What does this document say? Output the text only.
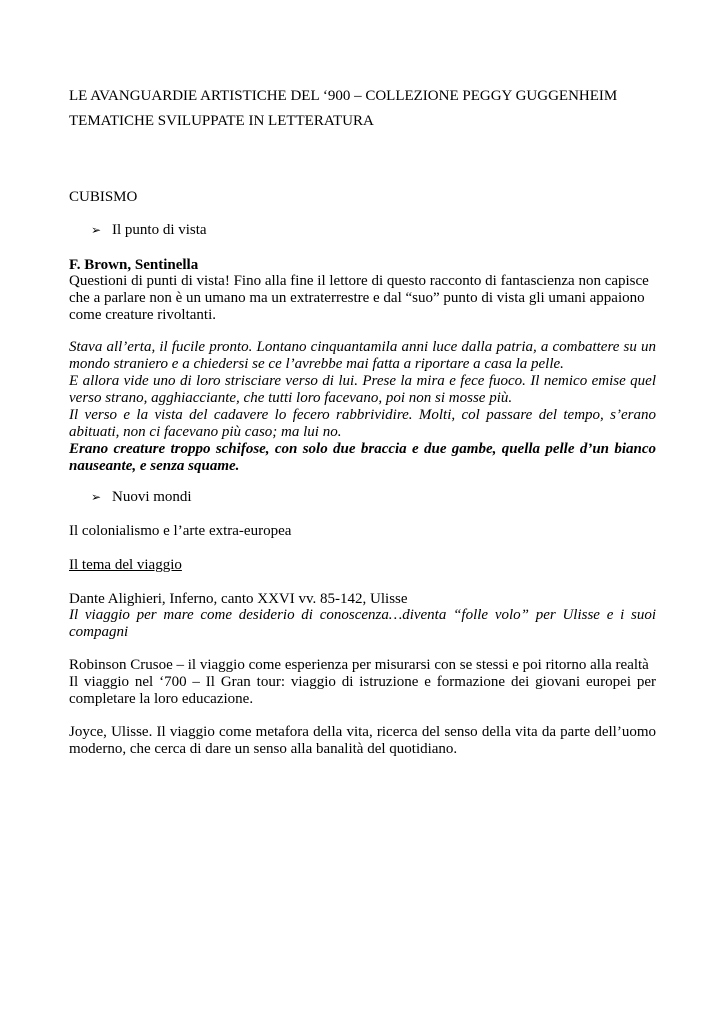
LE AVANGUARDIE ARTISTICHE DEL ‘900 – COLLEZIONE PEGGY GUGGENHEIM
TEMATICHE SVILUPPATE IN LETTERATURA
CUBISMO
➢ Il punto di vista
F. Brown, Sentinella
Questioni di punti di vista! Fino alla fine il lettore di questo racconto di fantascienza non capisce
che a parlare non è un umano ma un extraterrestre e dal “suo” punto di vista gli umani appaiono
come creature rivoltanti.
Stava all’erta, il fucile pronto. Lontano cinquantamila anni luce dalla patria, a combattere su un
mondo straniero e a chiedersi se ce l’avrebbe mai fatta a riportare a casa la pelle.
E allora vide uno di loro strisciare verso di lui. Prese la mira e fece fuoco. Il nemico emise quel
verso strano, agghiacciante, che tutti loro facevano, poi non si mosse più.
Il verso e la vista del cadavere lo fecero rabbrividire. Molti, col passare del tempo, s’erano
abituati, non ci facevano più caso; ma lui no.
Erano creature troppo schifose, con solo due braccia e due gambe, quella pelle d’un bianco
nauseante, e senza squame.
➢ Nuovi mondi
Il colonialismo e l’arte extra-europea
Il tema del viaggio
Dante Alighieri, Inferno, canto XXVI vv. 85-142, Ulisse
Il viaggio per mare come desiderio di conoscenza…diventa “folle volo” per Ulisse e i suoi
compagni
Robinson Crusoe – il viaggio come esperienza per misurarsi con se stessi e poi ritorno alla realtà
Il viaggio nel ‘700 – Il Gran tour: viaggio di istruzione e formazione dei giovani europei per
completare la loro educazione.
Joyce, Ulisse. Il viaggio come metafora della vita, ricerca del senso della vita da parte dell’uomo
moderno, che cerca di dare un senso alla banalità del quotidiano.
